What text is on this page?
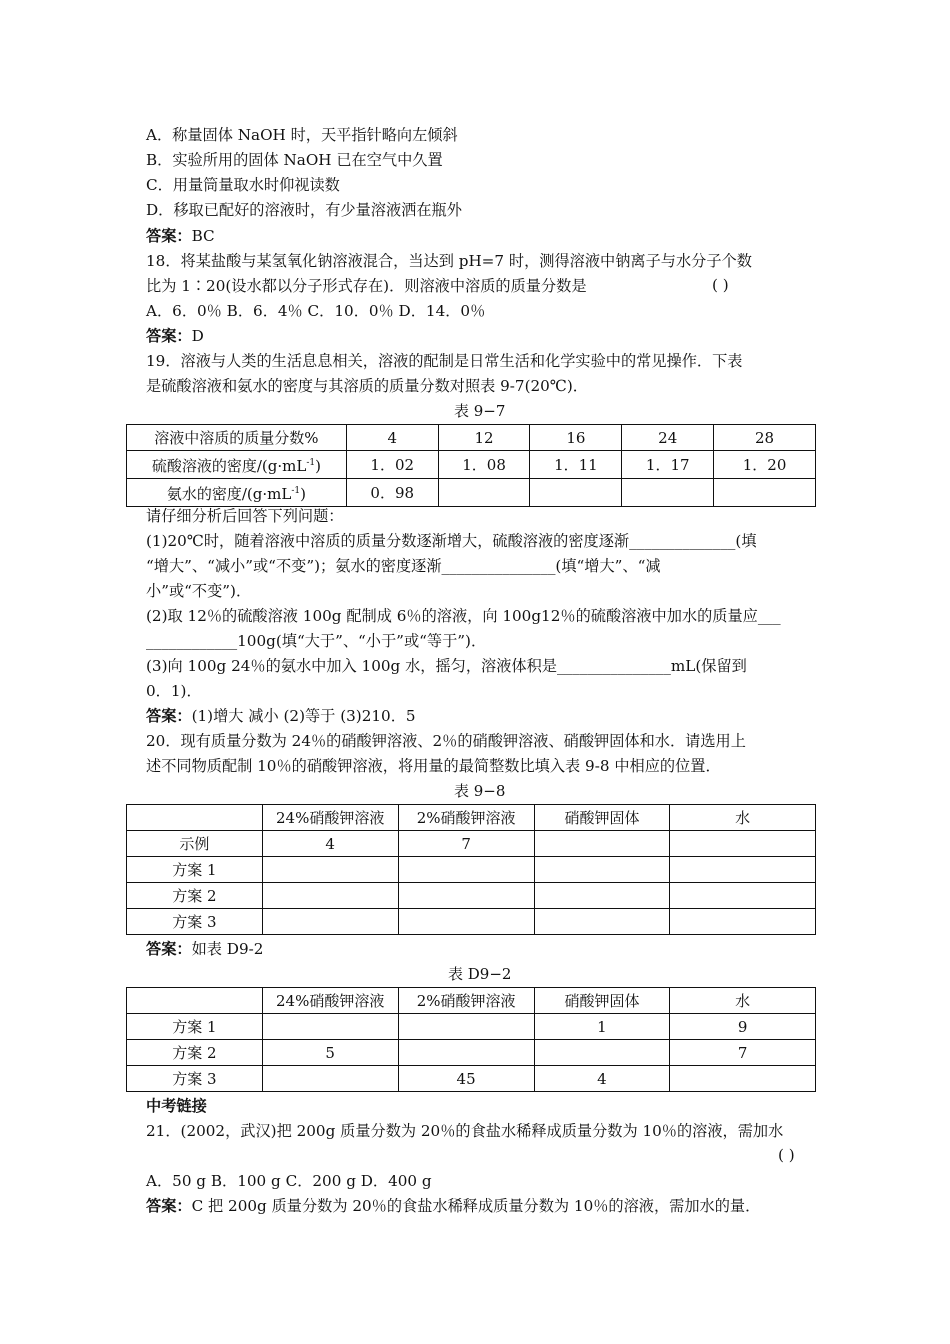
A．称量固体 NaOH 时，天平指针略向左倾斜
B．实验所用的固体 NaOH 已在空气中久置
C．用量筒量取水时仰视读数
D．移取已配好的溶液时，有少量溶液洒在瓶外
答案：BC
18．将某盐酸与某氢氧化钠溶液混合，当达到 pH=7 时，测得溶液中钠离子与水分子个数
比为 1∶20(设水都以分子形式存在)．则溶液中溶质的质量分数是	( )
A．6．0％ B．6．4％ C．10．0％ D．14．0％
答案：D
19．溶液与人类的生活息息相关，溶液的配制是日常生活和化学实验中的常见操作．下表
是硫酸溶液和氨水的密度与其溶质的质量分数对照表 9-7(20℃)．
表 9−7
溶液中溶质的质量分数%	4	12	16	24	28
硫酸溶液的密度$/(g\cdot mL^{-1})$	1．02	1．08	1．11	1．17	1．20
氨水的密度$/(g\cdot mL^{-1})$	0．98				
请仔细分析后回答下列问题：
(1)20℃时，随着溶液中溶质的质量分数逐渐增大，硫酸溶液的密度逐渐______________(填
“增大”、“减小”或“不变”)；氨水的密度逐渐_______________(填“增大”、“减
小”或“不变”)．
(2)取 12％的硫酸溶液 100g 配制成 6％的溶液，向 100g12％的硫酸溶液中加水的质量应___
____________100g(填“大于”、“小于”或“等于”)．
(3)向 100g 24％的氨水中加入 100g 水，摇匀，溶液体积是_______________mL(保留到
0．1)．
答案：(1)增大 减小 (2)等于 (3)210．5
20．现有质量分数为 24％的硝酸钾溶液、2％的硝酸钾溶液、硝酸钾固体和水．请选用上
述不同物质配制 10％的硝酸钾溶液，将用量的最简整数比填入表 9-8 中相应的位置．
表 9−8
	24%硝酸钾溶液	2%硝酸钾溶液	硝酸钾固体	水
示例	4	7		
方案 1				
方案 2				
方案 3				
答案：如表 D9-2
表 D9−2
	24%硝酸钾溶液	2%硝酸钾溶液	硝酸钾固体	水
方案 1			1	9
方案 2	5			7
方案 3		45	4	
中考链接
21．(2002，武汉)把 200g 质量分数为 20％的食盐水稀释成质量分数为 10％的溶液，需加水
( )
A．50 g B．100 g C．200 g D．400 g
答案：C 把 200g 质量分数为 20％的食盐水稀释成质量分数为 10％的溶液，需加水的量．
